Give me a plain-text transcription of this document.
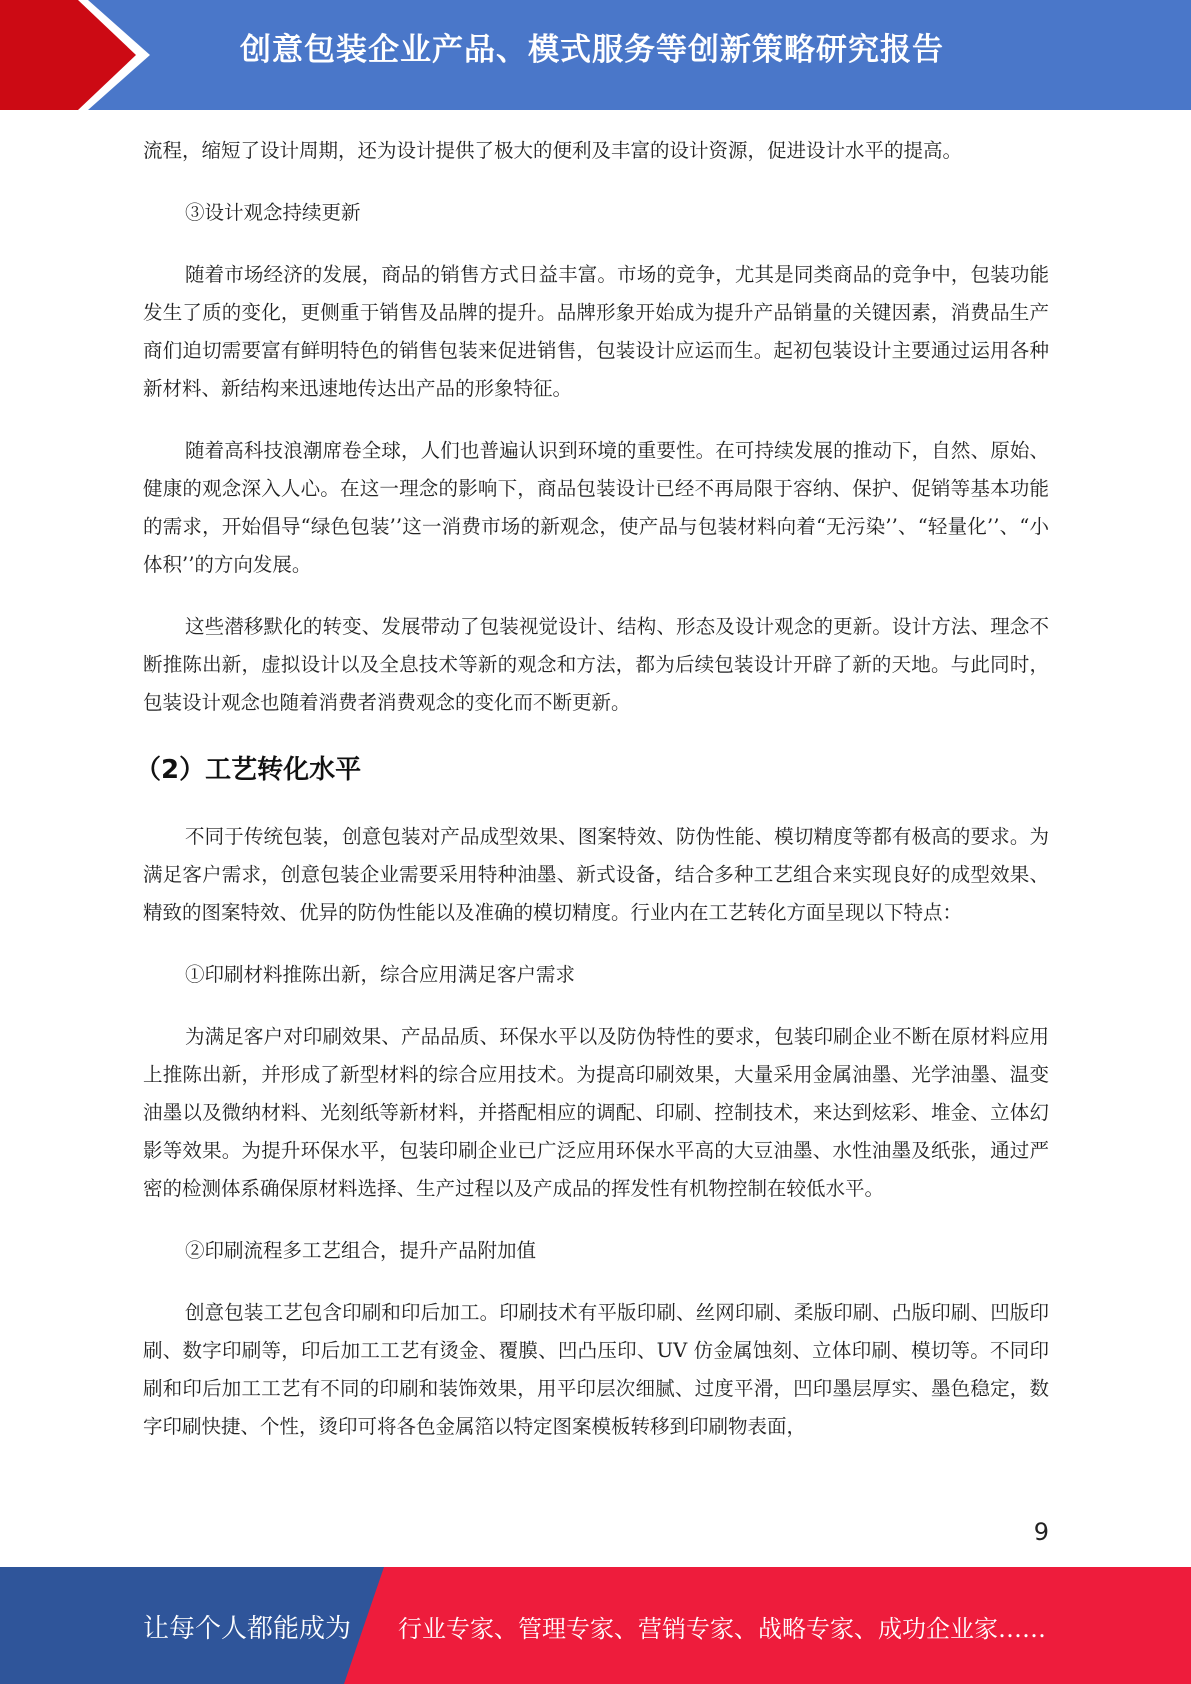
创意包装企业产品、模式服务等创新策略研究报告

流程，缩短了设计周期，还为设计提供了极大的便利及丰富的设计资源，促进设计水平的提高。

③设计观念持续更新

随着市场经济的发展，商品的销售方式日益丰富。市场的竞争，尤其是同类商品的竞争中，包装功能发生了质的变化，更侧重于销售及品牌的提升。品牌形象开始成为提升产品销量的关键因素，消费品生产商们迫切需要富有鲜明特色的销售包装来促进销售，包装设计应运而生。起初包装设计主要通过运用各种新材料、新结构来迅速地传达出产品的形象特征。

随着高科技浪潮席卷全球，人们也普遍认识到环境的重要性。在可持续发展的推动下，自然、原始、健康的观念深入人心。在这一理念的影响下，商品包装设计已经不再局限于容纳、保护、促销等基本功能的需求，开始倡导“绿色包装’’这一消费市场的新观念，使产品与包装材料向着“无污染’’、“轻量化’’、“小体积’’的方向发展。

这些潜移默化的转变、发展带动了包装视觉设计、结构、形态及设计观念的更新。设计方法、理念不断推陈出新，虚拟设计以及全息技术等新的观念和方法，都为后续包装设计开辟了新的天地。与此同时，包装设计观念也随着消费者消费观念的变化而不断更新。

（2）工艺转化水平

不同于传统包装，创意包装对产品成型效果、图案特效、防伪性能、模切精度等都有极高的要求。为满足客户需求，创意包装企业需要采用特种油墨、新式设备，结合多种工艺组合来实现良好的成型效果、精致的图案特效、优异的防伪性能以及准确的模切精度。行业内在工艺转化方面呈现以下特点：

①印刷材料推陈出新，综合应用满足客户需求

为满足客户对印刷效果、产品品质、环保水平以及防伪特性的要求，包装印刷企业不断在原材料应用上推陈出新，并形成了新型材料的综合应用技术。为提高印刷效果，大量采用金属油墨、光学油墨、温变油墨以及微纳材料、光刻纸等新材料，并搭配相应的调配、印刷、控制技术，来达到炫彩、堆金、立体幻影等效果。为提升环保水平，包装印刷企业已广泛应用环保水平高的大豆油墨、水性油墨及纸张，通过严密的检测体系确保原材料选择、生产过程以及产成品的挥发性有机物控制在较低水平。

②印刷流程多工艺组合，提升产品附加值

创意包装工艺包含印刷和印后加工。印刷技术有平版印刷、丝网印刷、柔版印刷、凸版印刷、凹版印刷、数字印刷等，印后加工工艺有烫金、覆膜、凹凸压印、UV 仿金属蚀刻、立体印刷、模切等。不同印刷和印后加工工艺有不同的印刷和装饰效果，用平印层次细腻、过度平滑，凹印墨层厚实、墨色稳定，数字印刷快捷、个性，烫印可将各色金属箔以特定图案模板转移到印刷物表面，

9
让每个人都能成为 行业专家、管理专家、营销专家、战略专家、成功企业家……
